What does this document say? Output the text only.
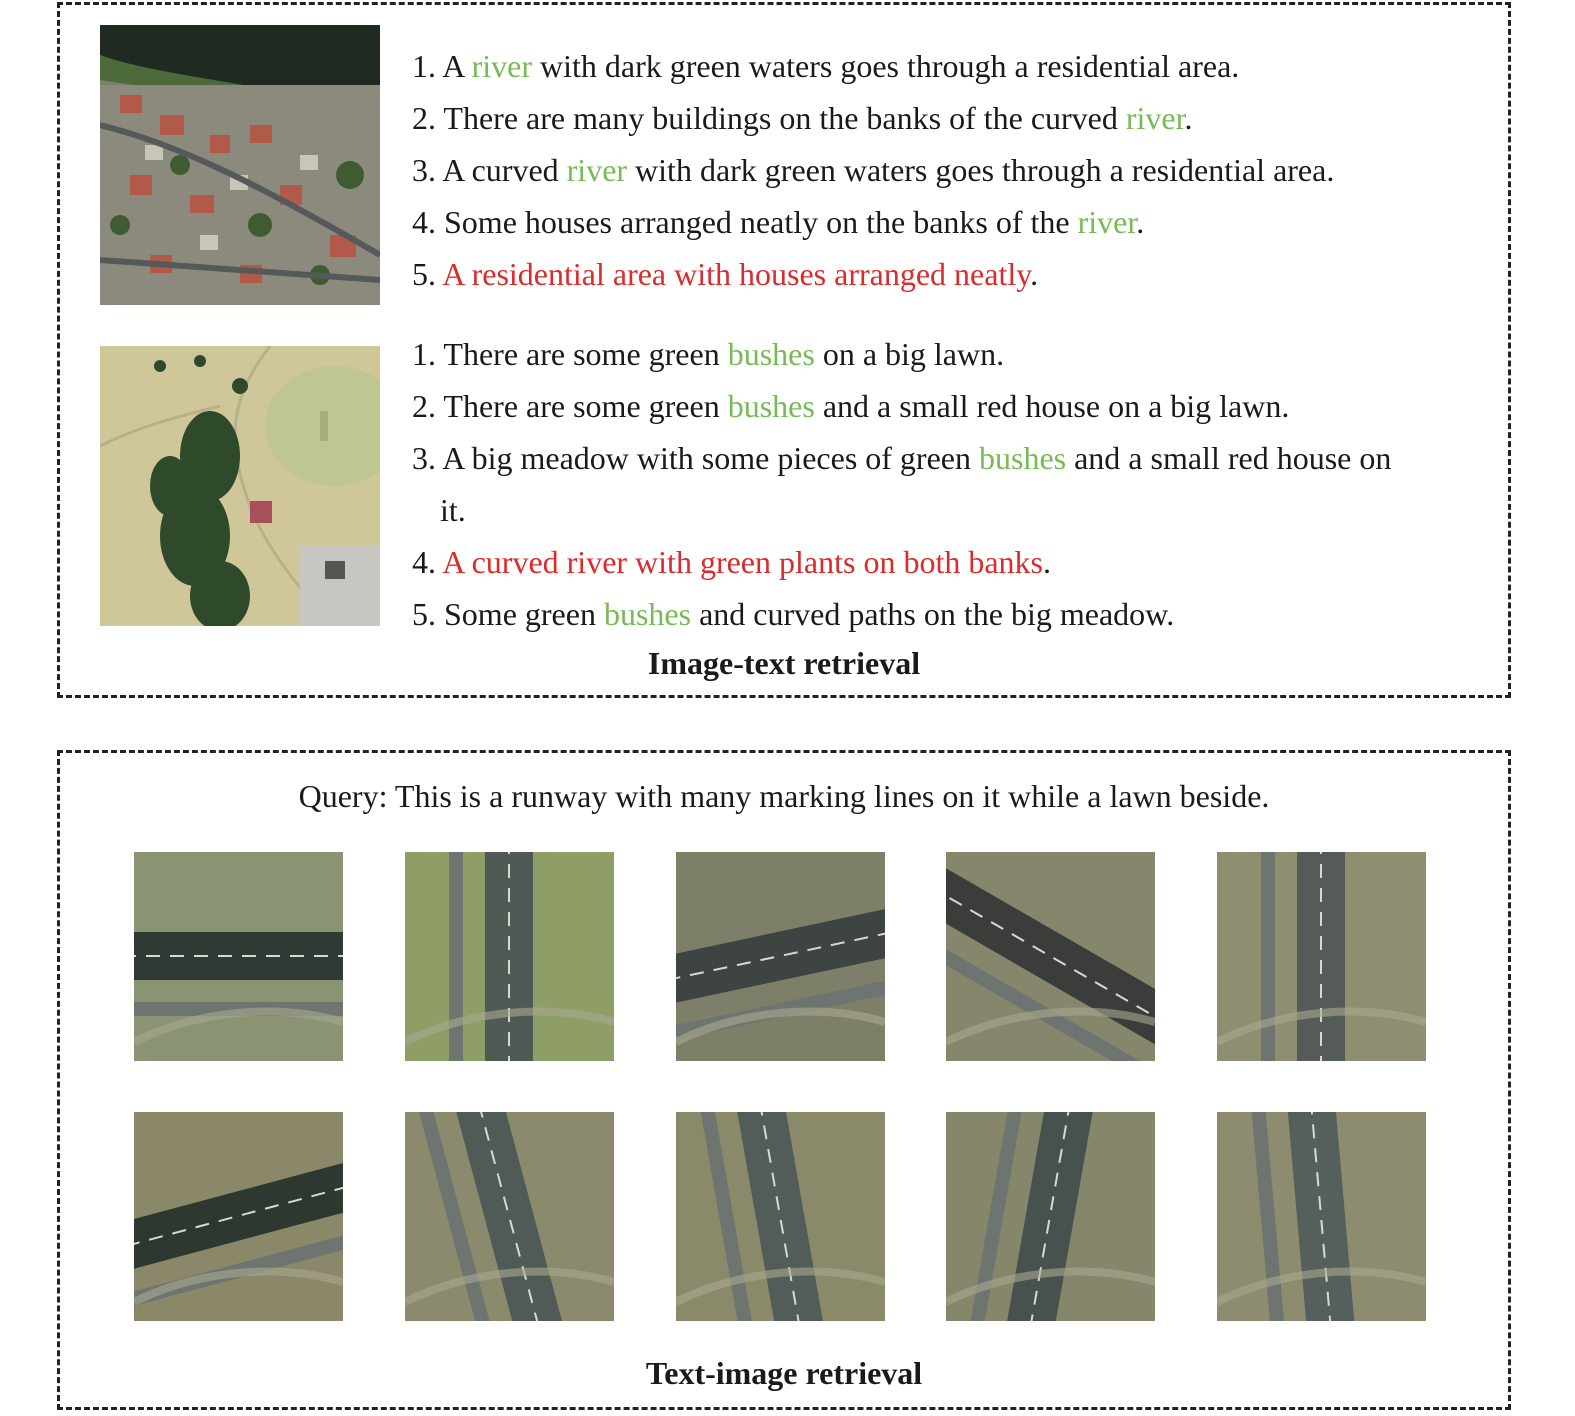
1. A river with dark green waters goes through a residential area.
2. There are many buildings on the banks of the curved river.
3. A curved river with dark green waters goes through a residential area.
4. Some houses arranged neatly on the banks of the river.
5. A residential area with houses arranged neatly.
1. There are some green bushes on a big lawn.
2. There are some green bushes and a small red house on a big lawn.
3. A big meadow with some pieces of green bushes and a small red house on
it.
4. A curved river with green plants on both banks.
5. Some green bushes and curved paths on the big meadow.
Image-text retrieval
Query: This is a runway with many marking lines on it while a lawn beside.
Text-image retrieval
